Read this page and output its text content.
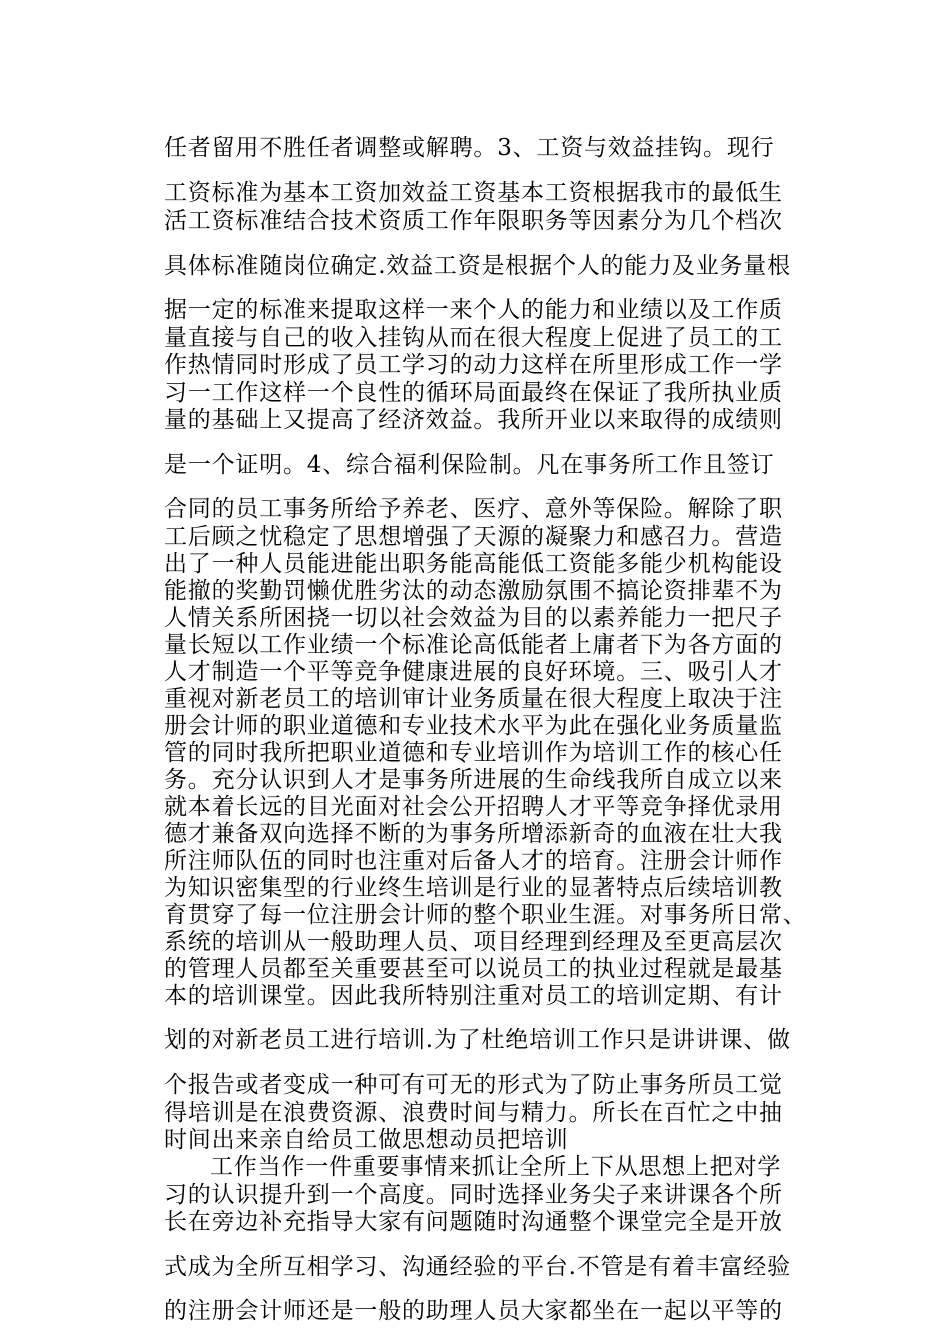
任者留用不胜任者调整或解聘。3、工资与效益挂钩。现行

工资标准为基本工资加效益工资基本工资根据我市的最低生

活工资标准结合技术资质工作年限职务等因素分为几个档次

具体标准随岗位确定.效益工资是根据个人的能力及业务量根

据一定的标准来提取这样一来个人的能力和业绩以及工作质

量直接与自己的收入挂钩从而在很大程度上促进了员工的工

作热情同时形成了员工学习的动力这样在所里形成工作一学

习一工作这样一个良性的循环局面最终在保证了我所执业质

量的基础上又提高了经济效益。我所开业以来取得的成绩则

是一个证明。4、综合福利保险制。凡在事务所工作且签订

合同的员工事务所给予养老、医疗、意外等保险。解除了职

工后顾之忧稳定了思想增强了天源的凝聚力和感召力。营造

出了一种人员能进能出职务能高能低工资能多能少机构能设

能撤的奖勤罚懒优胜劣汰的动态激励氛围不搞论资排辈不为

人情关系所困挠一切以社会效益为目的以素养能力一把尺子

量长短以工作业绩一个标准论高低能者上庸者下为各方面的

人才制造一个平等竞争健康进展的良好环境。三、吸引人才

重视对新老员工的培训审计业务质量在很大程度上取决于注

册会计师的职业道德和专业技术水平为此在强化业务质量监

管的同时我所把职业道德和专业培训作为培训工作的核心任

务。充分认识到人才是事务所进展的生命线我所自成立以来

就本着长远的目光面对社会公开招聘人才平等竞争择优录用

德才兼备双向选择不断的为事务所增添新奇的血液在壮大我

所注师队伍的同时也注重对后备人才的培育。注册会计师作

为知识密集型的行业终生培训是行业的显著特点后续培训教

育贯穿了每一位注册会计师的整个职业生涯。对事务所日常、

系统的培训从一般助理人员、项目经理到经理及至更高层次

的管理人员都至关重要甚至可以说员工的执业过程就是最基

本的培训课堂。因此我所特别注重对员工的培训定期、有计

划的对新老员工进行培训.为了杜绝培训工作只是讲讲课、做

个报告或者变成一种可有可无的形式为了防止事务所员工觉

得培训是在浪费资源、浪费时间与精力。所长在百忙之中抽

时间出来亲自给员工做思想动员把培训

工作当作一件重要事情来抓让全所上下从思想上把对学

习的认识提升到一个高度。同时选择业务尖子来讲课各个所

长在旁边补充指导大家有问题随时沟通整个课堂完全是开放

式成为全所互相学习、沟通经验的平台.不管是有着丰富经验

的注册会计师还是一般的助理人员大家都坐在一起以平等的
